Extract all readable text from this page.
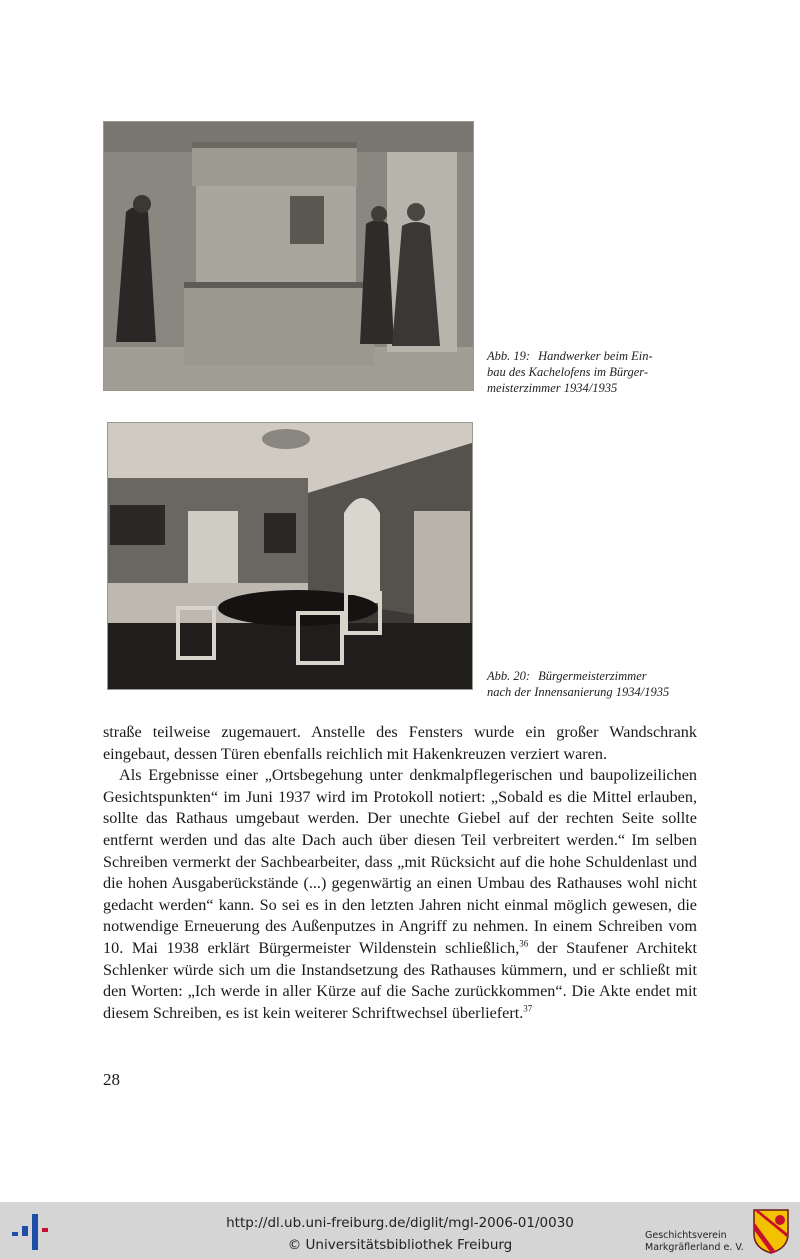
Abb. 19: Handwerker beim Ein-
bau des Kachelofens im Bürger-
meisterzimmer 1934/1935
Abb. 20: Bürgermeisterzimmer
nach der Innensanierung 1934/1935

straße teilweise zugemauert. Anstelle des Fensters wurde ein großer Wandschrank eingebaut, dessen Türen ebenfalls reichlich mit Hakenkreuzen verziert waren.

Als Ergebnisse einer „Ortsbegehung unter denkmalpflegerischen und baupolizeilichen Gesichtspunkten“ im Juni 1937 wird im Protokoll notiert: „Sobald es die Mittel erlauben, sollte das Rathaus umgebaut werden. Der unechte Giebel auf der rechten Seite sollte entfernt werden und das alte Dach auch über diesen Teil verbreitert werden.“ Im selben Schreiben vermerkt der Sachbearbeiter, dass „mit Rücksicht auf die hohe Schuldenlast und die hohen Ausgaberückstände (...) gegenwärtig an einen Umbau des Rathauses wohl nicht gedacht werden“ kann. So sei es in den letzten Jahren nicht einmal möglich gewesen, die notwendige Erneuerung des Außenputzes in Angriff zu nehmen. In einem Schreiben vom 10. Mai 1938 erklärt Bürgermeister Wildenstein schließlich,$^{36}$ der Staufener Architekt Schlenker würde sich um die Instandsetzung des Rathauses kümmern, und er schließt mit den Worten: „Ich werde in aller Kürze auf die Sache zurückkommen“. Die Akte endet mit diesem Schreiben, es ist kein weiterer Schriftwechsel überliefert.$^{37}$

28
http://dl.ub.uni-freiburg.de/diglit/mgl-2006-01/0030
© Universitätsbibliothek Freiburg
Geschichtsverein
Markgräflerland e. V.
